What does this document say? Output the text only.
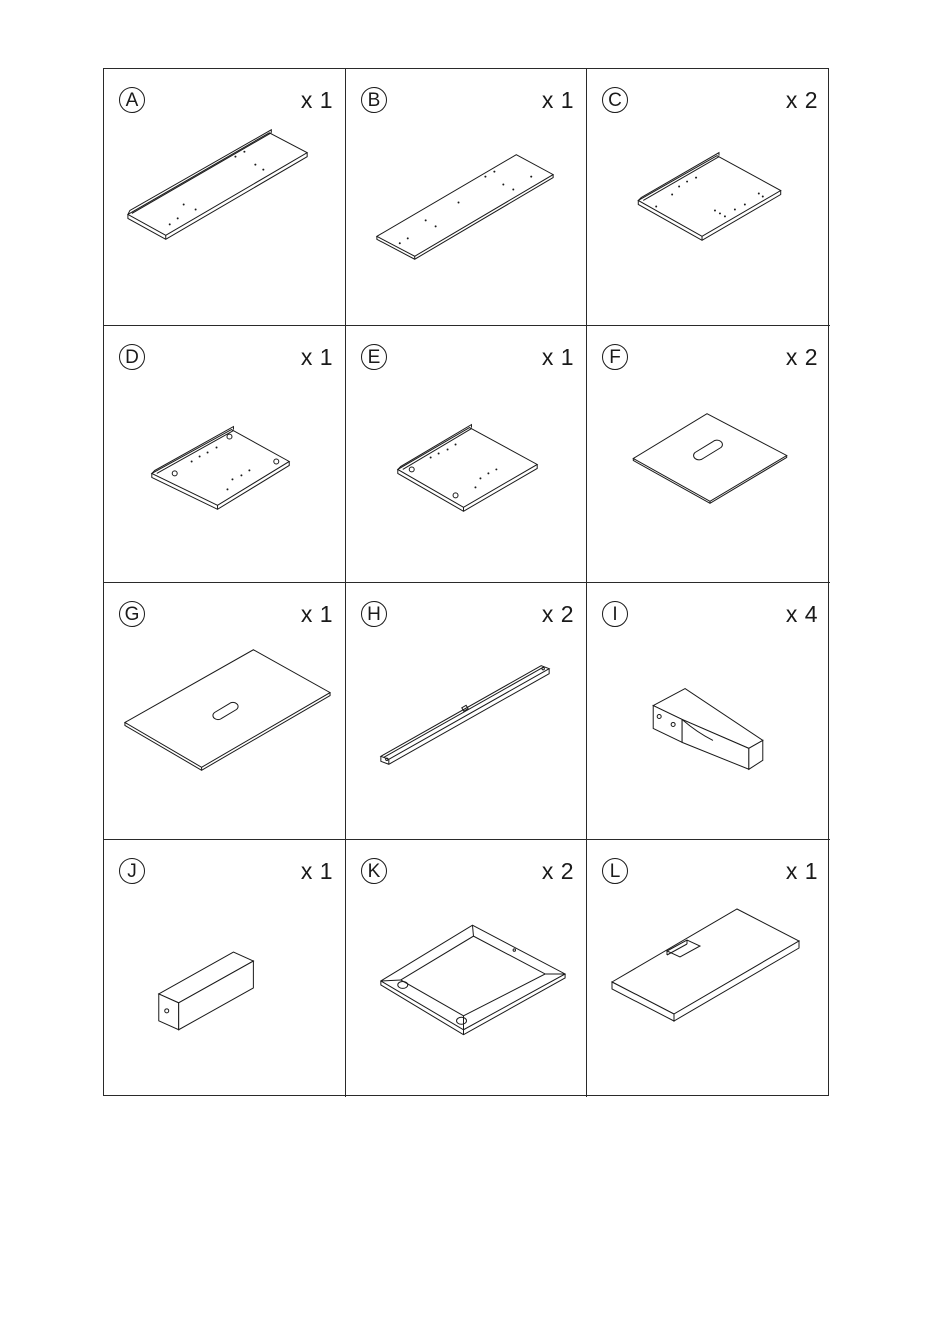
A	x 1	B	x 1	C	x 2
D	x 1	E	x 1	F	x 2
G	x 1	H	x 2	I	x 4
J	x 1	K	x 2	L	x 1
